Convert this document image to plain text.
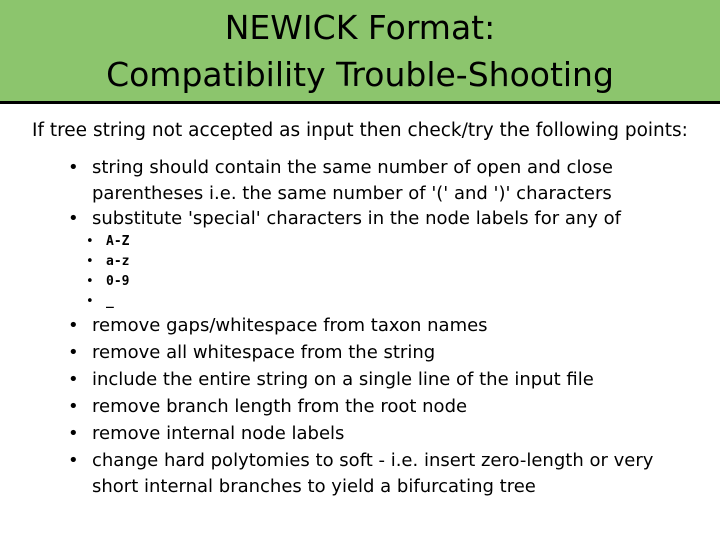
NEWICK Format:
Compatibility Trouble-Shooting
If tree string not accepted as input then check/try the following points:
• string should contain the same number of open and close
parentheses i.e. the same number of '(' and ')' characters
• substitute 'special' characters in the node labels for any of
• A-Z
• a-z
• 0-9
• _
• remove gaps/whitespace from taxon names
• remove all whitespace from the string
• include the entire string on a single line of the input file
• remove branch length from the root node
• remove internal node labels
• change hard polytomies to soft - i.e. insert zero-length or very
short internal branches to yield a bifurcating tree
